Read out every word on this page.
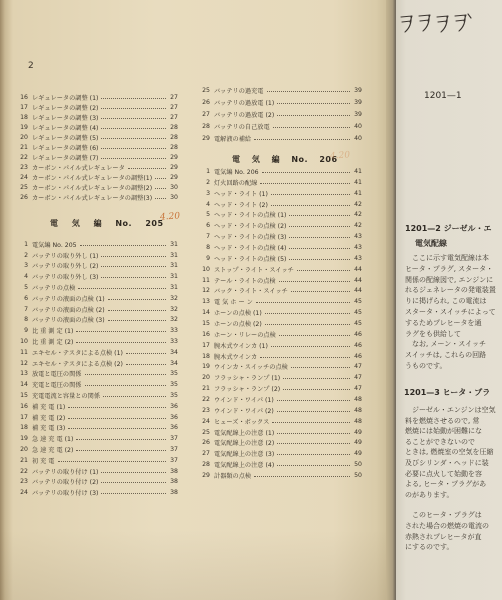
2
16 レギュレータの調整 (1)	27
17 レギュレータの調整 (2)	27
18 レギュレータの調整 (3)	27
19 レギュレータの調整 (4)	28
20 レギュレータの調整 (5)	28
21 レギュレータの調整 (6)	28
22 レギュレータの調整 (7)	29
23 カーボン・パイル式レギュレータ	29
24 カーボン・パイル式レギュレータの調整(1)	29
25 カーボン・パイル式レギュレータの調整(2)	30
26 カーボン・パイル式レギュレータの調整(3)	30
電 気 編 No. 205
4.20
1 電気編 No. 205	31
2 バッテリの取り外し (1)	31
3 バッテリの取り外し (2)	31
4 バッテリの取り外し (3)	31
5 バッテリの点検	31
6 バッテリの液面の点検 (1)	32
7 バッテリの液面の点検 (2)	32
8 バッテリの液面の点検 (3)	32
9 比 重 測 定 (1)	33
10 比 重 測 定 (2)	33
11 エキセル・テスタによる点検 (1)	34
12 エキセル・テスタによる点検 (2)	34
13 放電と電圧の関係	35
14 充電と電圧の関係	35
15 充電電流と容量との関係	35
16 補 充 電 (1)	36
17 補 充 電 (2)	36
18 補 充 電 (3)	36
19 急 速 充 電 (1)	37
20 急 速 充 電 (2)	37
21 初 充 電	37
22 バッテリの取り付け (1)	38
23 バッテリの取り付け (2)	38
24 バッテリの取り付け (3)	38
25 バッテリの過充電	39
26 バッテリの過放電 (1)	39
27 バッテリの過放電 (2)	39
28 バッテリの自己放電	40
29 電解液の補給	40
電 気 編 No. 206
4.20
1 電気編 No. 206	41
2 灯火回路の配線	41
3 ヘッド・ライト (1)	41
4 ヘッド・ライト (2)	42
5 ヘッド・ライトの点検 (1)	42
6 ヘッド・ライトの点検 (2)	42
7 ヘッド・ライトの点検 (3)	43
8 ヘッド・ライトの点検 (4)	43
9 ヘッド・ライトの点検 (5)	43
10 ストップ・ライト・スイッチ	44
11 テール・ライトの点検	44
12 バック・ライト・スイッチ	44
13 電 気 ホ ー ン	45
14 ホーンの点検 (1)	45
15 ホーンの点検 (2)	45
16 ホーン・リレーの点検	46
17 腕木式ウインカ (1)	46
18 腕木式ウインカ	46
19 ウインカ・スイッチの点検	47
20 フラッシャ・ランプ (1)	47
21 フラッシャ・ランプ (2)	47
22 ウインド・ワイパ (1)	48
23 ウインド・ワイパ (2)	48
24 ヒューズ・ボックス	48
25 電気配線上の注意 (1)	49
26 電気配線上の注意 (2)	49
27 電気配線上の注意 (3)	49
28 電気配線上の注意 (4)	50
29 計器類の点検	50
1201—1
1201—2 ジーゼル・エ
電気配線
ここに示す電気配線は本
ヒータ・プラグ, スタータ・
関係の配線図で, エンジンに
れるジェネレータの発電装置
りに掲げられ, この電流は
スタータ・スイッチによって
するためプレヒータを通
ラグをも供給して
なお, メーン・スイッチ
スイッチは, これらの回路
うものです。
1201—3 ヒータ・プラ
ジーゼル・エンジンは空気
料を燃焼させるので, 常
燃焼には始動が困難にな
ることができないので
ときは, 燃焼室の空気を圧縮
及びシリンダ・ヘッドに装
必要に点火して始動を容
よる, ヒータ・プラグがあ
のがあります。
このヒータ・プラグは
された場合の燃焼の電流の
赤熱されプレヒータが直
にするのです。
